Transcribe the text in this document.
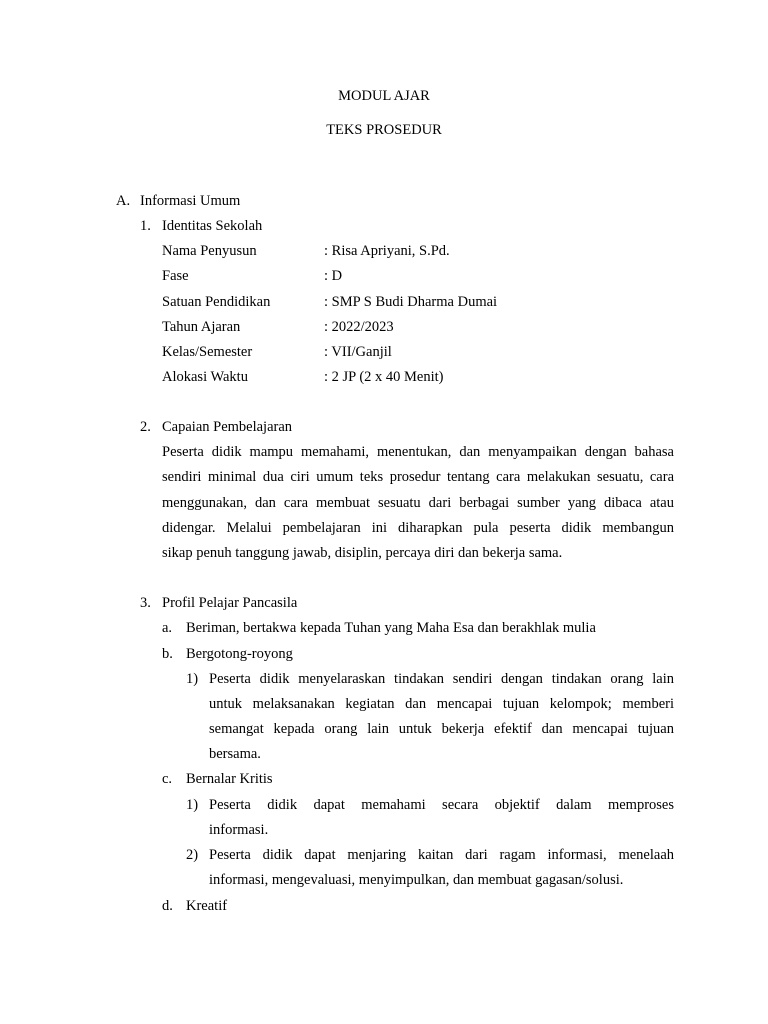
MODUL AJAR
TEKS PROSEDUR
A. Informasi Umum
1. Identitas Sekolah
Nama Penyusun	: Risa Apriyani, S.Pd.
Fase	: D
Satuan Pendidikan	: SMP S Budi Dharma Dumai
Tahun Ajaran	: 2022/2023
Kelas/Semester	: VII/Ganjil
Alokasi Waktu	: 2 JP (2 x 40 Menit)
2. Capaian Pembelajaran
Peserta didik mampu memahami, menentukan, dan menyampaikan dengan bahasa
sendiri minimal dua ciri umum teks prosedur tentang cara melakukan sesuatu, cara
menggunakan, dan cara membuat sesuatu dari berbagai sumber yang dibaca atau
didengar. Melalui pembelajaran ini diharapkan pula peserta didik membangun
sikap penuh tanggung jawab, disiplin, percaya diri dan bekerja sama.
3. Profil Pelajar Pancasila
a. Beriman, bertakwa kepada Tuhan yang Maha Esa dan berakhlak mulia
b. Bergotong-royong
1) Peserta didik menyelaraskan tindakan sendiri dengan tindakan orang lain
untuk melaksanakan kegiatan dan mencapai tujuan kelompok; memberi
semangat kepada orang lain untuk bekerja efektif dan mencapai tujuan
bersama.
c. Bernalar Kritis
1) Peserta didik dapat memahami secara objektif dalam memproses
informasi.
2) Peserta didik dapat menjaring kaitan dari ragam informasi, menelaah
informasi, mengevaluasi, menyimpulkan, dan membuat gagasan/solusi.
d. Kreatif
